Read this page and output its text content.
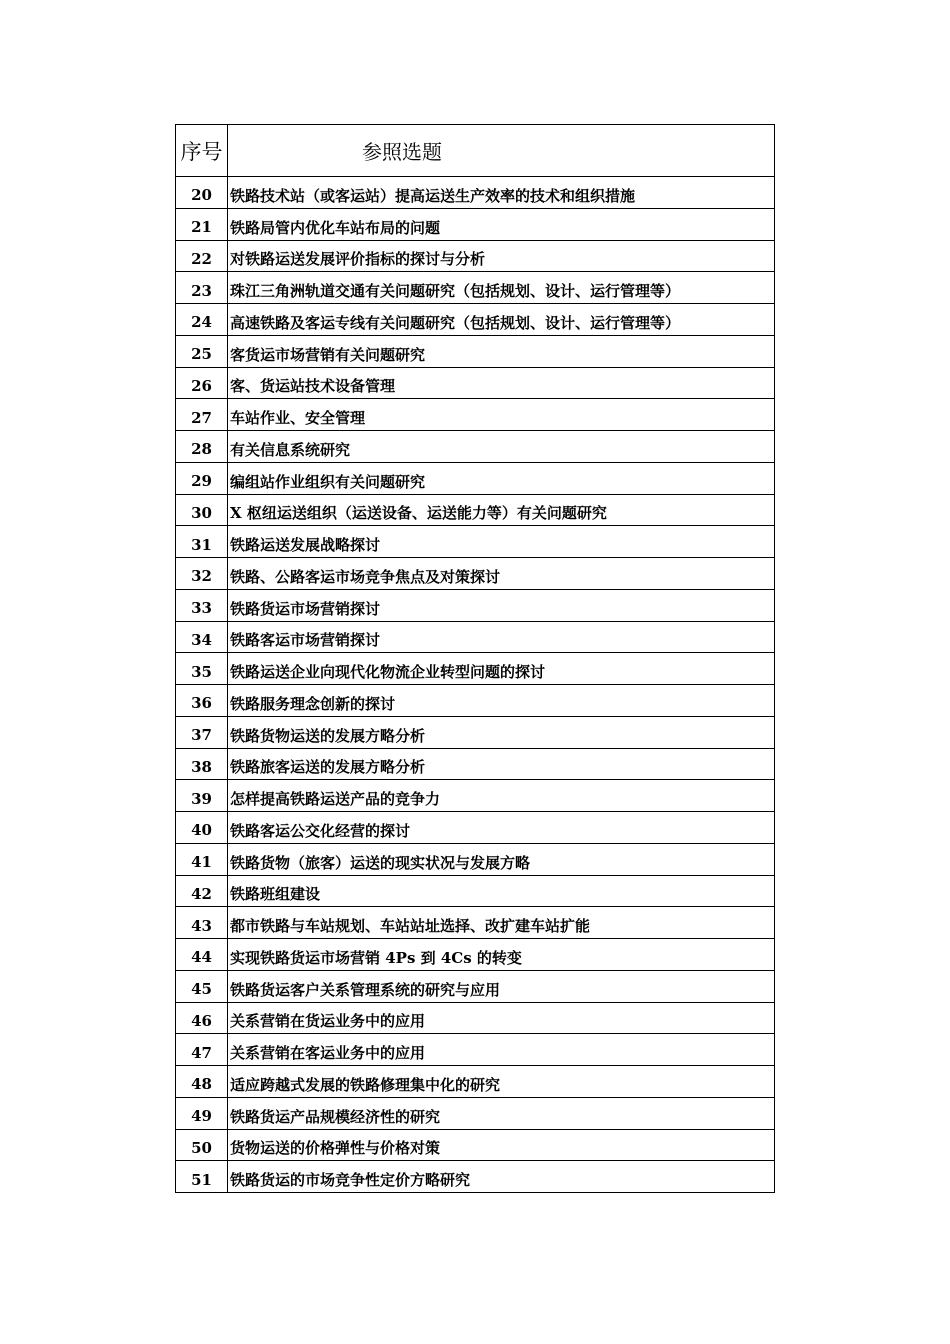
序号	参照选题
20	铁路技术站（或客运站）提高运送生产效率的技术和组织措施
21	铁路局管内优化车站布局的问题
22	对铁路运送发展评价指标的探讨与分析
23	珠江三角洲轨道交通有关问题研究（包括规划、设计、运行管理等）
24	高速铁路及客运专线有关问题研究（包括规划、设计、运行管理等）
25	客货运市场营销有关问题研究
26	客、货运站技术设备管理
27	车站作业、安全管理
28	有关信息系统研究
29	编组站作业组织有关问题研究
30	X 枢纽运送组织（运送设备、运送能力等）有关问题研究
31	铁路运送发展战略探讨
32	铁路、公路客运市场竞争焦点及对策探讨
33	铁路货运市场营销探讨
34	铁路客运市场营销探讨
35	铁路运送企业向现代化物流企业转型问题的探讨
36	铁路服务理念创新的探讨
37	铁路货物运送的发展方略分析
38	铁路旅客运送的发展方略分析
39	怎样提高铁路运送产品的竞争力
40	铁路客运公交化经营的探讨
41	铁路货物（旅客）运送的现实状况与发展方略
42	铁路班组建设
43	都市铁路与车站规划、车站站址选择、改扩建车站扩能
44	实现铁路货运市场营销 4Ps 到 4Cs 的转变
45	铁路货运客户关系管理系统的研究与应用
46	关系营销在货运业务中的应用
47	关系营销在客运业务中的应用
48	适应跨越式发展的铁路修理集中化的研究
49	铁路货运产品规模经济性的研究
50	货物运送的价格弹性与价格对策
51	铁路货运的市场竞争性定价方略研究
